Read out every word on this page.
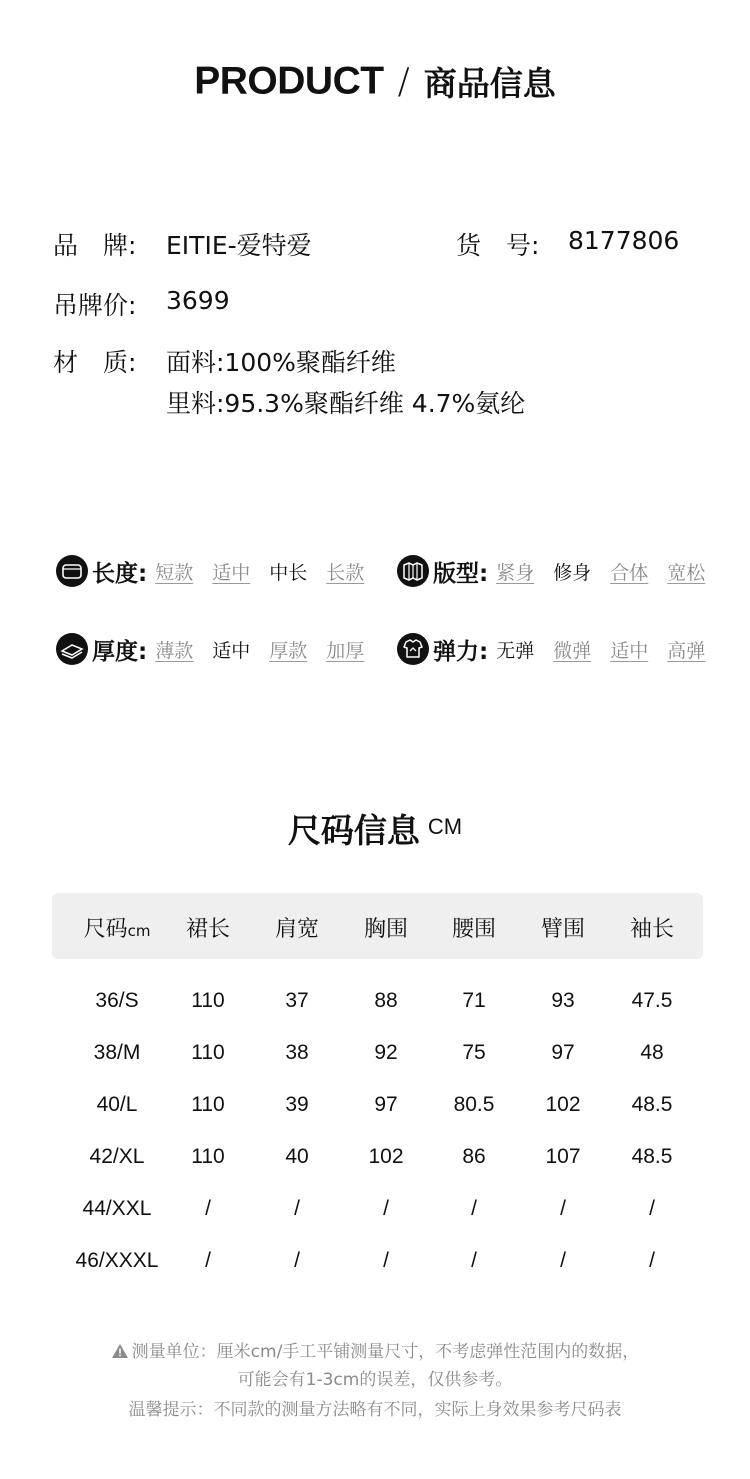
PRODUCT / 商品信息
品　牌: EITIE-爱特爱	货　号: 8177806
吊牌价: 3699
材　质: 面料:100%聚酯纤维
里料:95.3%聚酯纤维 4.7%氨纶
长度: 短款 适中 中长 长款	版型: 紧身 修身 合体 宽松
厚度: 薄款 适中 厚款 加厚	弹力: 无弹 微弹 适中 高弹
尺码信息 CM
尺码cm 裙长 肩宽 胸围 腰围 臂围 袖长
36/S	110	37	88	71	93	47.5
38/M 110	38	92	75	97	48
40/L	110	39	97	80.5 102 48.5
42/XL 110	40	102	86	107 48.5
44/XXL	/	/	/	/	/	/
46/XXXL /	/	/	/	/	/
测量单位：厘米cm/手工平铺测量尺寸，不考虑弹性范围内的数据，
可能会有1-3cm的误差，仅供参考。
温馨提示：不同款的测量方法略有不同，实际上身效果参考尺码表
